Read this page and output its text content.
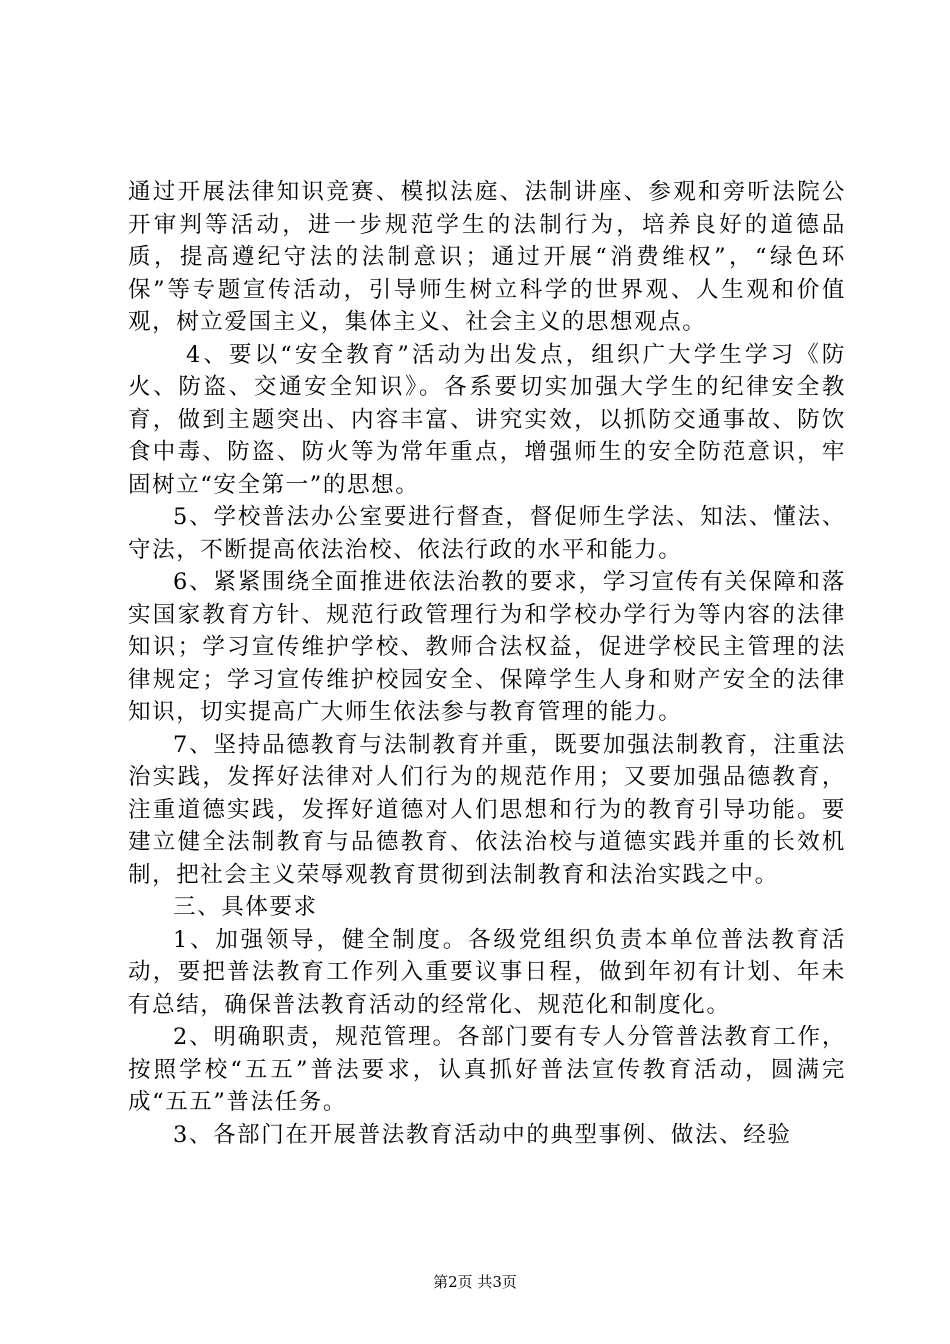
通过开展法律知识竞赛、模拟法庭、法制讲座、参观和旁听法院公开审判等活动，进一步规范学生的法制行为，培养良好的道德品质，提高遵纪守法的法制意识；通过开展“消费维权”，“绿色环保”等专题宣传活动，引导师生树立科学的世界观、人生观和价值观，树立爱国主义，集体主义、社会主义的思想观点。

4、要以“安全教育”活动为出发点，组织广大学生学习《防火、防盗、交通安全知识》。各系要切实加强大学生的纪律安全教育，做到主题突出、内容丰富、讲究实效，以抓防交通事故、防饮食中毒、防盗、防火等为常年重点，增强师生的安全防范意识，牢固树立“安全第一”的思想。

5、学校普法办公室要进行督查，督促师生学法、知法、懂法、守法，不断提高依法治校、依法行政的水平和能力。

6、紧紧围绕全面推进依法治教的要求，学习宣传有关保障和落实国家教育方针、规范行政管理行为和学校办学行为等内容的法律知识；学习宣传维护学校、教师合法权益，促进学校民主管理的法律规定；学习宣传维护校园安全、保障学生人身和财产安全的法律知识，切实提高广大师生依法参与教育管理的能力。

7、坚持品德教育与法制教育并重，既要加强法制教育，注重法治实践，发挥好法律对人们行为的规范作用；又要加强品德教育，注重道德实践，发挥好道德对人们思想和行为的教育引导功能。要建立健全法制教育与品德教育、依法治校与道德实践并重的长效机制，把社会主义荣辱观教育贯彻到法制教育和法治实践之中。

三、具体要求

1、加强领导，健全制度。各级党组织负责本单位普法教育活动，要把普法教育工作列入重要议事日程，做到年初有计划、年未有总结，确保普法教育活动的经常化、规范化和制度化。

2、明确职责，规范管理。各部门要有专人分管普法教育工作，按照学校“五五”普法要求，认真抓好普法宣传教育活动，圆满完成“五五”普法任务。

3、各部门在开展普法教育活动中的典型事例、做法、经验

第2页 共3页
